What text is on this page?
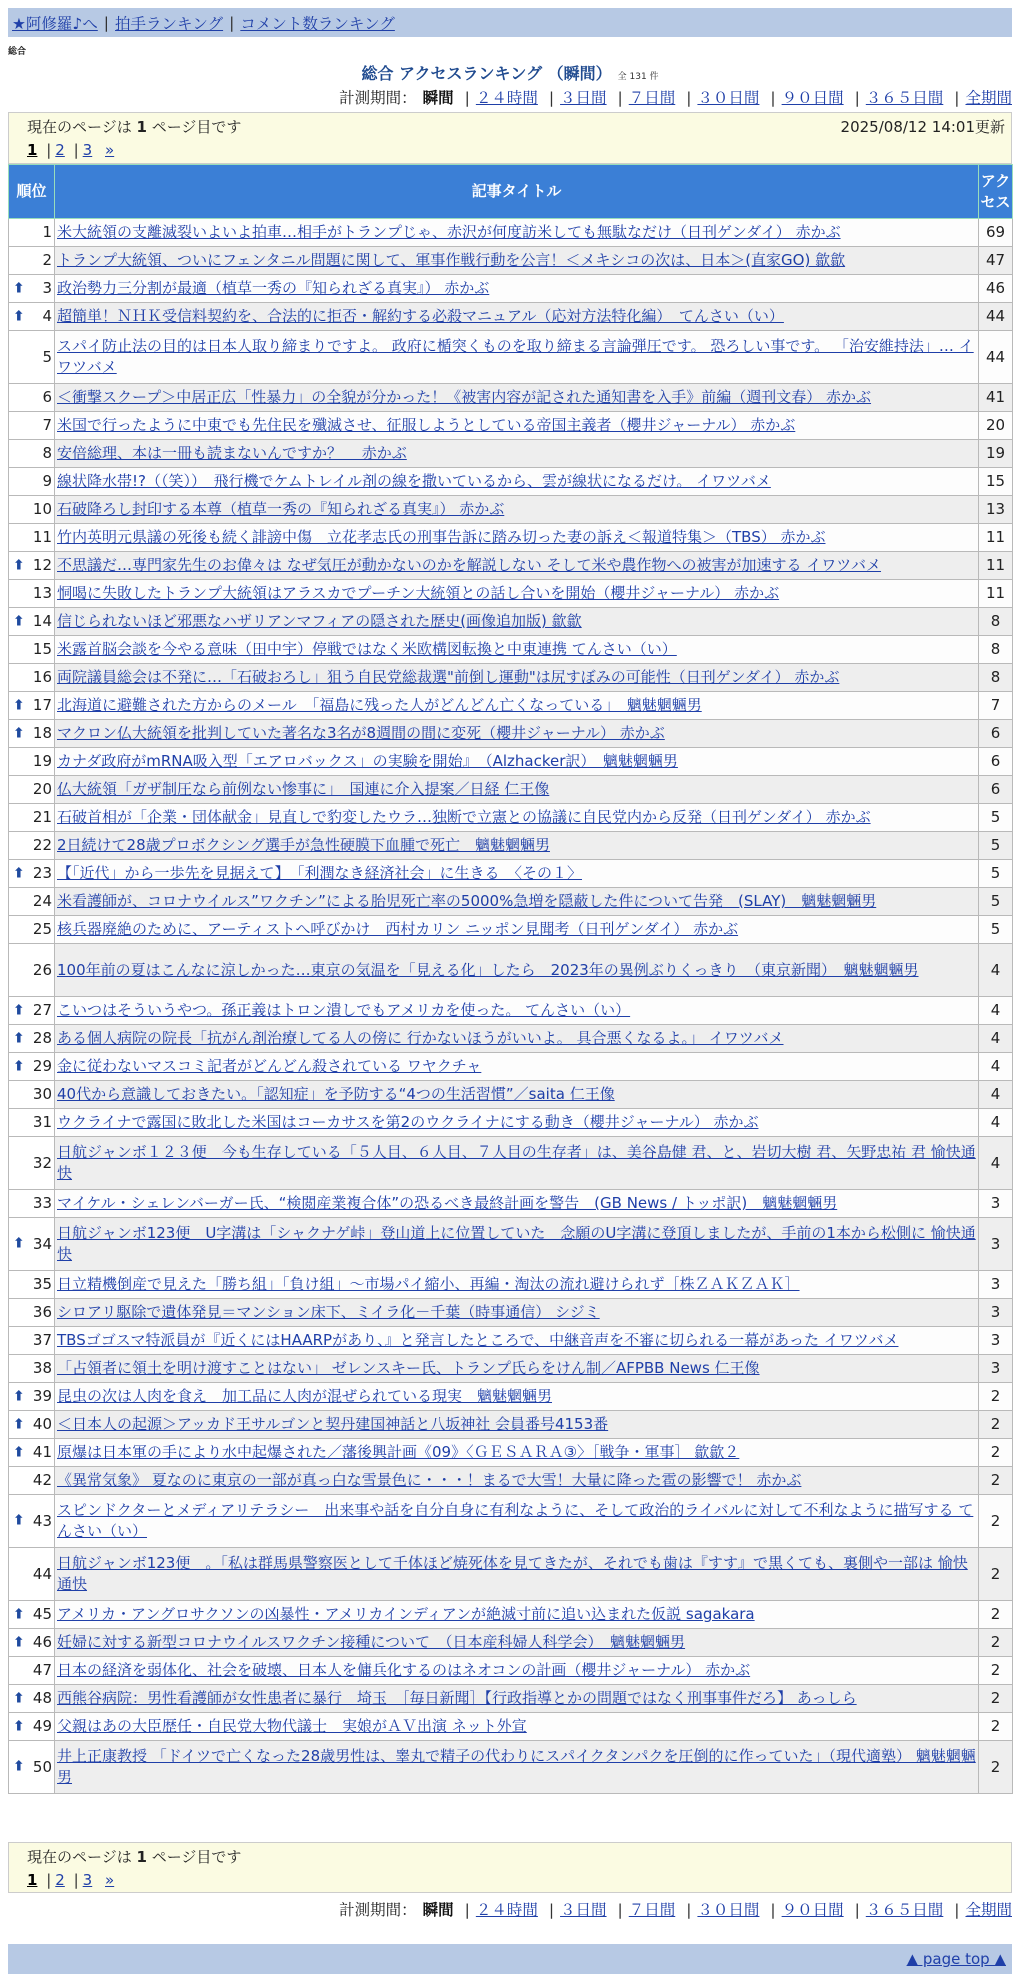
★阿修羅♪へ | 拍手ランキング | コメント数ランキング
総合
総合 アクセスランキング （瞬間） 全 131 件
計測期間： 瞬間 | ２４時間 | ３日間 | ７日間 | ３０日間 | ９０日間 | ３６５日間 | 全期間
現在のページは 1 ページ目です	2025/08/12 14:01更新
1 | 2 | 3 »
順位	記事タイトル	アクセス
1	米大統領の支離滅裂いよいよ拍車…相手がトランプじゃ、赤沢が何度訪米しても無駄なだけ（日刊ゲンダイ） 赤かぶ	69
2	トランプ大統領、ついにフェンタニル問題に関して、軍事作戦行動を公言！＜メキシコの次は、日本＞(直家GO) 歙歙	47

⬆ 3	政治勢力三分割が最適（植草一秀の『知られざる真実』） 赤かぶ	46

⬆ 4	超簡単！ＮＨＫ受信料契約を、合法的に拒否・解約する必殺マニュアル（応対方法特化編）　てんさい（い）	44
5	スパイ防止法の目的は日本人取り締まりですよ。 政府に楯突くものを取り締まる言論弾圧です。 恐ろしい事です。 「治安維持法」… イワツバメ	44
6	＜衝撃スクープ＞中居正広「性暴力」の全貌が分かった！《被害内容が記された通知書を入手》前編（週刊文春） 赤かぶ	41
7	米国で行ったように中東でも先住民を殲滅させ、征服しようとしている帝国主義者（櫻井ジャーナル） 赤かぶ	20
8	安倍総理、本は一冊も読まないんですか？　 赤かぶ	19
9	線状降水帯!?（（笑））　飛行機でケムトレイル剤の線を撒いているから、雲が線状になるだけ。 イワツバメ	15
10	石破降ろし封印する本尊（植草一秀の『知られざる真実』） 赤かぶ	13
11	竹内英明元県議の死後も続く誹謗中傷　立花孝志氏の刑事告訴に踏み切った妻の訴え＜報道特集＞（TBS） 赤かぶ	11

⬆ 12	不思議だ…専門家先生のお偉々は なぜ気圧が動かないのかを解説しない そして米や農作物への被害が加速する イワツバメ	11
13	恫喝に失敗したトランプ大統領はアラスカでプーチン大統領との話し合いを開始（櫻井ジャーナル） 赤かぶ	11

⬆ 14	信じられないほど邪悪なハザリアンマフィアの隠された歴史(画像追加版) 歙歙	8
15	米露首脳会談を今やる意味（田中宇）停戦ではなく米欧構図転換と中東連携 てんさい（い）	8
16	両院議員総会は不発に…「石破おろし」狙う自民党総裁選"前倒し運動"は尻すぼみの可能性（日刊ゲンダイ） 赤かぶ	8

⬆ 17	北海道に避難された方からのメール　「福島に残った人がどんどん亡くなっている」　魑魅魍魎男	7

⬆ 18	マクロン仏大統領を批判していた著名な3名が8週間の間に変死（櫻井ジャーナル） 赤かぶ	6
19	カナダ政府がmRNA吸入型「エアロバックス」の実験を開始』　（Alzhacker訳）　魑魅魍魎男	6
20	仏大統領「ガザ制圧なら前例ない惨事に」　国連に介入提案／日経 仁王像	6
21	石破首相が「企業・団体献金」見直しで豹変したウラ…独断で立憲との協議に自民党内から反発（日刊ゲンダイ） 赤かぶ	5
22	2日続けて28歳プロボクシング選手が急性硬膜下血腫で死亡　魑魅魍魎男	5

⬆ 23	【「近代」から一歩先を見据えて】　「利潤なき経済社会」に生きる　〈その１〉	5
24	米看護師が、コロナウイルス”ワクチン”による胎児死亡率の5000%急増を隠蔽した件について告発　(SLAY)　魑魅魍魎男	5
25	核兵器廃絶のために、アーティストへ呼びかけ　西村カリン ニッポン見聞考（日刊ゲンダイ） 赤かぶ	5
26	100年前の夏はこんなに涼しかった…東京の気温を「見える化」したら　2023年の異例ぶりくっきり　（東京新聞）　魑魅魍魎男	4

⬆ 27	こいつはそういうやつ。孫正義はトロン潰しでもアメリカを使った。 てんさい（い）	4

⬆ 28	ある個人病院の院長「抗がん剤治療してる人の傍に 行かないほうがいいよ。 具合悪くなるよ。」 イワツバメ	4

⬆ 29	金に従わないマスコミ記者がどんどん殺されている ワヤクチャ	4
30	40代から意識しておきたい。「認知症」を予防する“4つの生活習慣”／saita 仁王像	4
31	ウクライナで露国に敗北した米国はコーカサスを第2のウクライナにする動き（櫻井ジャーナル） 赤かぶ	4
32	日航ジャンボ１２３便　今も生存している「５人目、６人目、７人目の生存者」は、美谷島健 君、と、岩切大樹 君、矢野忠祐 君 愉快通快	4
33	マイケル・シェレンバーガー氏、“検閲産業複合体”の恐るべき最終計画を警告　(GB News / トッポ訳)　魑魅魍魎男	3

⬆ 34	日航ジャンボ123便　U字溝は「シャクナゲ峠」登山道上に位置していた　念願のU字溝に登頂しましたが、手前の1本から松側に 愉快通快	3
35	日立精機倒産で見えた「勝ち組」「負け組」～市場パイ縮小、再編・淘汰の流れ避けられず［株ＺＡＫＺＡＫ］	3
36	シロアリ駆除で遺体発見＝マンション床下、ミイラ化－千葉（時事通信） シジミ	3
37	TBSゴゴスマ特派員が『近くにはHAARPがあり、』と発言したところで、中継音声を不審に切られる一幕があった イワツバメ	3
38	「占領者に領土を明け渡すことはない」 ゼレンスキー氏、トランプ氏らをけん制／AFPBB News 仁王像	3

⬆ 39	昆虫の次は人肉を食え　加工品に人肉が混ぜられている現実　魑魅魍魎男	2

⬆ 40	＜日本人の起源＞アッカド王サルゴンと契丹建国神話と八坂神社 会員番号4153番	2

⬆ 41	原爆は日本軍の手により水中起爆された／藩後興計画《09》〈ＧＥＳＡＲＡ③〉［戦争・軍事］ 歙歙２	2
42	《異常気象》 夏なのに東京の一部が真っ白な雪景色に・・・！まるで大雪！大量に降った雹の影響で！ 赤かぶ	2

⬆ 43	スピンドクターとメディアリテラシー　出来事や話を自分自身に有利なように、そして政治的ライバルに対して不利なように描写する てんさい（い）	2
44	日航ジャンボ123便　。「私は群馬県警察医として千体ほど焼死体を見てきたが、それでも歯は『すす』で黒くても、裏側や一部は 愉快通快	2

⬆ 45	アメリカ・アングロサクソンの凶暴性・アメリカインディアンが絶滅寸前に追い込まれた仮説 sagakara	2

⬆ 46	妊婦に対する新型コロナウイルスワクチン接種について　（日本産科婦人科学会）　魑魅魍魎男	2
47	日本の経済を弱体化、社会を破壊、日本人を傭兵化するのはネオコンの計画（櫻井ジャーナル） 赤かぶ	2

⬆ 48	西熊谷病院：男性看護師が女性患者に暴行　埼玉　［毎日新聞］【行政指導とかの問題ではなく刑事事件だろ】 あっしら	2

⬆ 49	父親はあの大臣歴任・自民党大物代議士　実娘がＡＶ出演 ネット外宣	2

⬆ 50	井上正康教授 「ドイツで亡くなった28歳男性は、睾丸で精子の代わりにスパイクタンパクを圧倒的に作っていた」（現代適塾） 魑魅魍魎男	2
現在のページは 1 ページ目です
1 | 2 | 3 »
計測期間： 瞬間 | ２４時間 | ３日間 | ７日間 | ３０日間 | ９０日間 | ３６５日間 | 全期間
▲ page top ▲
